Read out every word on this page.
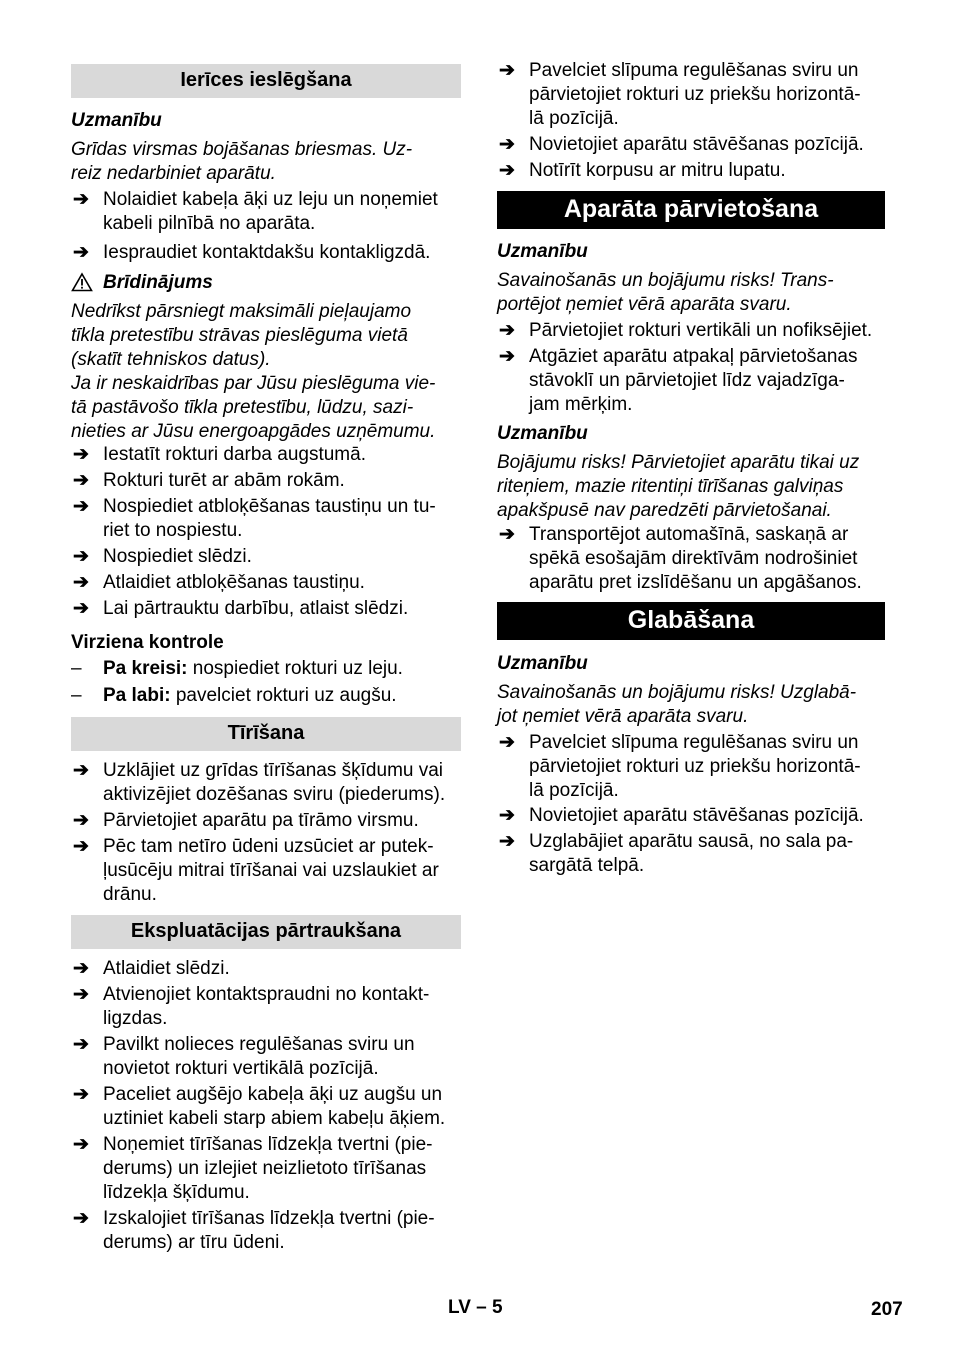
Ierīces ieslēgšana
Uzmanību
Grīdas virsmas bojāšanas briesmas. Uz-
reiz nedarbiniet aparātu.
➔ Nolaidiet kabeļa āķi uz leju un noņemiet
kabeli pilnībā no aparāta.
➔ Iespraudiet kontaktdakšu kontakligzdā.
Brīdinājums
Nedrīkst pārsniegt maksimāli pieļaujamo
tīkla pretestību strāvas pieslēguma vietā
(skatīt tehniskos datus).
Ja ir neskaidrības par Jūsu pieslēguma vie-
tā pastāvošo tīkla pretestību, lūdzu, sazi-
nieties ar Jūsu energoapgādes uzņēmumu.
➔ Iestatīt rokturi darba augstumā.
➔ Rokturi turēt ar abām rokām.
➔ Nospiediet atbloķēšanas taustiņu un tu-
riet to nospiestu.
➔ Nospiediet slēdzi.
➔ Atlaidiet atbloķēšanas taustiņu.
➔ Lai pārtrauktu darbību, atlaist slēdzi.
Virziena kontrole
– Pa kreisi: nospiediet rokturi uz leju.
– Pa labi: pavelciet rokturi uz augšu.
Tīrīšana
➔ Uzklājiet uz grīdas tīrīšanas šķīdumu vai
aktivizējiet dozēšanas sviru (piederums).
➔ Pārvietojiet aparātu pa tīrāmo virsmu.
➔ Pēc tam netīro ūdeni uzsūciet ar putek-
ļusūcēju mitrai tīrīšanai vai uzslaukiet ar
drānu.
Ekspluatācijas pārtraukšana
➔ Atlaidiet slēdzi.
➔ Atvienojiet kontaktspraudni no kontakt-
ligzdas.
➔ Pavilkt nolieces regulēšanas sviru un
novietot rokturi vertikālā pozīcijā.
➔ Paceliet augšējo kabeļa āķi uz augšu un
uztiniet kabeli starp abiem kabeļu āķiem.
➔ Noņemiet tīrīšanas līdzekļa tvertni (pie-
derums) un izlejiet neizlietoto tīrīšanas
līdzekļa šķīdumu.
➔ Izskalojiet tīrīšanas līdzekļa tvertni (pie-
derums) ar tīru ūdeni.
➔ Pavelciet slīpuma regulēšanas sviru un
pārvietojiet rokturi uz priekšu horizontā-
lā pozīcijā.
➔ Novietojiet aparātu stāvēšanas pozīcijā.
➔ Notīrīt korpusu ar mitru lupatu.
Aparāta pārvietošana
Uzmanību
Savainošanās un bojājumu risks! Trans-
portējot ņemiet vērā aparāta svaru.
➔ Pārvietojiet rokturi vertikāli un nofiksējiet.
➔ Atgāziet aparātu atpakaļ pārvietošanas
stāvoklī un pārvietojiet līdz vajadzīga-
jam mērķim.
Uzmanību
Bojājumu risks! Pārvietojiet aparātu tikai uz
riteņiem, mazie ritentiņi tīrīšanas galviņas
apakšpusē nav paredzēti pārvietošanai.
➔ Transportējot automašīnā, saskaņā ar
spēkā esošajām direktīvām nodrošiniet
aparātu pret izslīdēšanu un apgāšanos.
Glabāšana
Uzmanību
Savainošanās un bojājumu risks! Uzglabā-
jot ņemiet vērā aparāta svaru.
➔ Pavelciet slīpuma regulēšanas sviru un
pārvietojiet rokturi uz priekšu horizontā-
lā pozīcijā.
➔ Novietojiet aparātu stāvēšanas pozīcijā.
➔ Uzglabājiet aparātu sausā, no sala pa-
sargātā telpā.
LV – 5	207
